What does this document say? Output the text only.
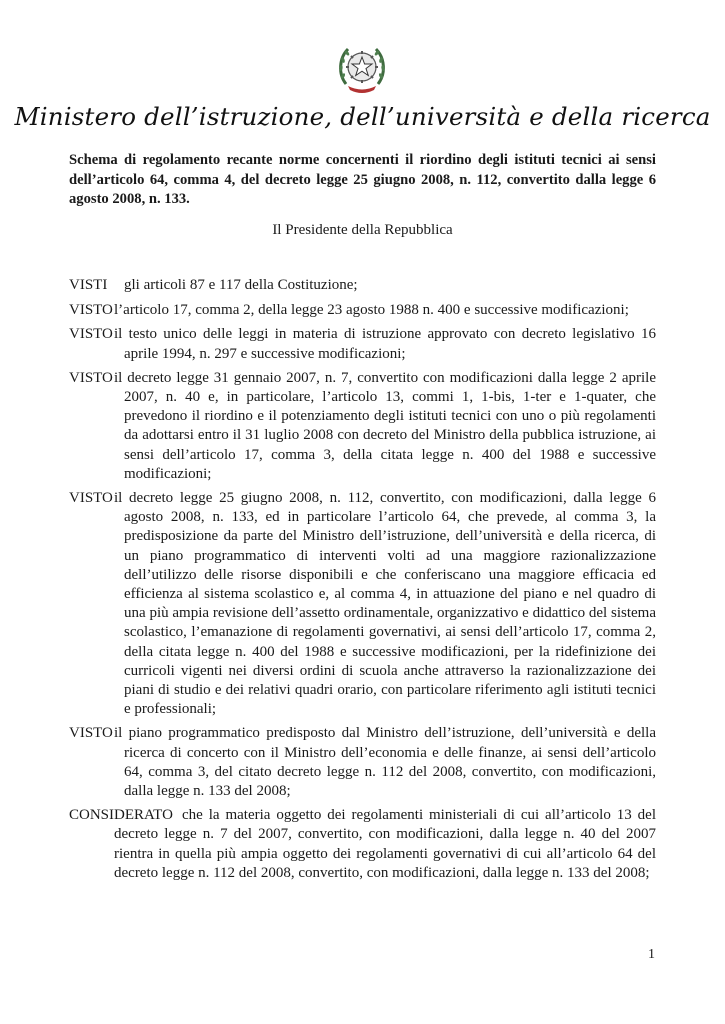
Ministero dell’istruzione, dell’università e della ricerca
Schema di regolamento recante norme concernenti il riordino degli istituti tecnici ai sensi dell’articolo 64, comma 4, del decreto legge 25 giugno 2008, n. 112, convertito dalla legge 6 agosto 2008, n. 133.
Il Presidente della Repubblica
VISTI	gli articoli 87 e 117 della Costituzione;
VISTO l’articolo 17, comma 2, della legge 23 agosto 1988 n. 400 e successive modificazioni;
VISTO il testo unico delle leggi in materia di istruzione approvato con decreto legislativo 16 aprile 1994, n. 297 e successive modificazioni;
VISTO il decreto legge 31 gennaio 2007, n. 7, convertito con modificazioni dalla legge 2 aprile 2007, n. 40 e, in particolare, l’articolo 13, commi 1, 1-bis, 1-ter e 1-quater, che prevedono il riordino e il potenziamento degli istituti tecnici con uno o più regolamenti da adottarsi entro il 31 luglio 2008 con decreto del Ministro della pubblica istruzione, ai sensi dell’articolo 17, comma 3, della citata legge n. 400 del 1988 e successive modificazioni;
VISTO il decreto legge 25 giugno 2008, n. 112, convertito, con modificazioni, dalla legge 6 agosto 2008, n. 133, ed in particolare l’articolo 64, che prevede, al comma 3, la predisposizione da parte del Ministro dell’istruzione, dell’università e della ricerca, di un piano programmatico di interventi volti ad una maggiore razionalizzazione dell’utilizzo delle risorse disponibili e che conferiscano una maggiore efficacia ed efficienza al sistema scolastico e, al comma 4, in attuazione del piano e nel quadro di una più ampia revisione dell’assetto ordinamentale, organizzativo e didattico del sistema scolastico, l’emanazione di regolamenti governativi, ai sensi dell’articolo 17, comma 2, della citata legge n. 400 del 1988 e successive modificazioni, per la ridefinizione dei curricoli vigenti nei diversi ordini di scuola anche attraverso la razionalizzazione dei piani di studio e dei relativi quadri orario, con particolare riferimento agli istituti tecnici e professionali;
VISTO il piano programmatico predisposto dal Ministro dell’istruzione, dell’università e della ricerca di concerto con il Ministro dell’economia e delle finanze, ai sensi dell’articolo 64, comma 3, del citato decreto legge n. 112 del 2008, convertito, con modificazioni, dalla legge n. 133 del 2008;
CONSIDERATO che la materia oggetto dei regolamenti ministeriali di cui all’articolo 13 del decreto legge n. 7 del 2007, convertito, con modificazioni, dalla legge n. 40 del 2007 rientra in quella più ampia oggetto dei regolamenti governativi di cui all’articolo 64 del decreto legge n. 112 del 2008, convertito, con modificazioni, dalla legge n. 133 del 2008;
1
